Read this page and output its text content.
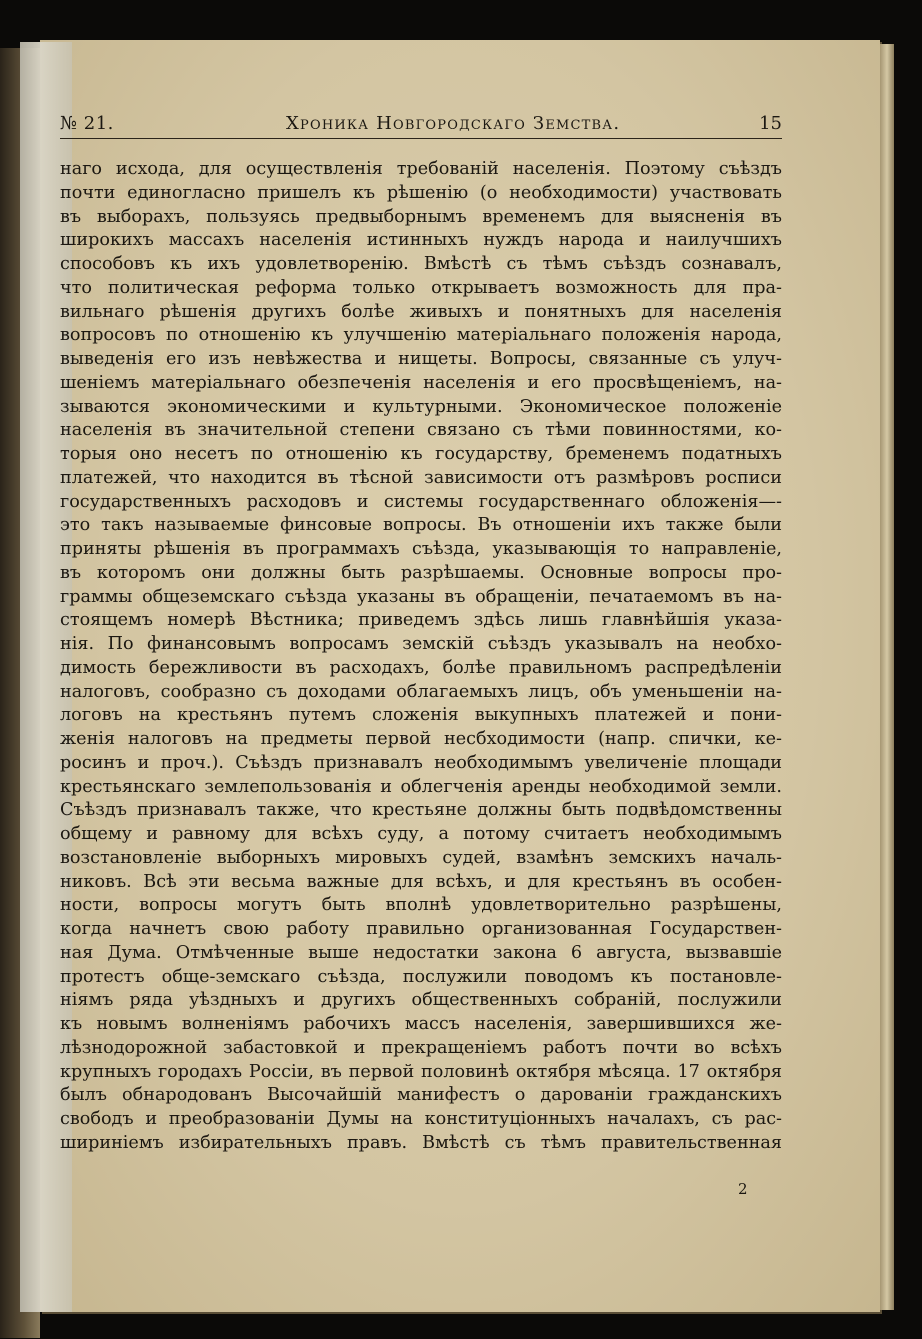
№ 21.	Хроника Новгородскаго Земства.	15
наго исхода, для осуществленія требованій населенія. Поэтому съѣздъ
почти единогласно пришелъ къ рѣшенію (о необходимости) участвовать
въ выборахъ, пользуясь предвыборнымъ временемъ для выясненія въ
широкихъ массахъ населенія истинныхъ нуждъ народа и наилучшихъ
способовъ къ ихъ удовлетворенію. Вмѣстѣ съ тѣмъ съѣздъ сознавалъ,
что политическая реформа только открываетъ возможность для пра-
вильнаго рѣшенія другихъ болѣе живыхъ и понятныхъ для населенія
вопросовъ по отношенію къ улучшенію матеріальнаго положенія народа,
выведенія его изъ невѣжества и нищеты. Вопросы, связанные съ улуч-
шеніемъ матеріальнаго обезпеченія населенія и его просвѣщеніемъ, на-
зываются экономическими и культурными. Экономическое положеніе
населенія въ значительной степени связано съ тѣми повинностями, ко-
торыя оно несетъ по отношенію къ государству, бременемъ податныхъ
платежей, что находится въ тѣсной зависимости отъ размѣровъ росписи
государственныхъ расходовъ и системы государственнаго обложенія—-
это такъ называемые финсовые вопросы. Въ отношеніи ихъ также были
приняты рѣшенія въ программахъ съѣзда, указывающія то направленіе,
въ которомъ они должны быть разрѣшаемы. Основные вопросы про-
граммы общеземскаго съѣзда указаны въ обращеніи, печатаемомъ въ на-
стоящемъ номерѣ Вѣстника; приведемъ здѣсь лишь главнѣйшія указа-
нія. По финансовымъ вопросамъ земскій съѣздъ указывалъ на необхо-
димость бережливости въ расходахъ, болѣе правильномъ распредѣленіи
налоговъ, сообразно съ доходами облагаемыхъ лицъ, объ уменьшеніи на-
логовъ на крестьянъ путемъ сложенія выкупныхъ платежей и пони-
женія налоговъ на предметы первой несбходимости (напр. спички, ке-
росинъ и проч.). Съѣздъ признавалъ необходимымъ увеличеніе площади
крестьянскаго землепользованія и облегченія аренды необходимой земли.
Съѣздъ признавалъ также, что крестьяне должны быть подвѣдомственны
общему и равному для всѣхъ суду, а потому считаетъ необходимымъ
возстановленіе выборныхъ мировыхъ судей, взамѣнъ земскихъ началь-
никовъ. Всѣ эти весьма важные для всѣхъ, и для крестьянъ въ особен-
ности, вопросы могутъ быть вполнѣ удовлетворительно разрѣшены,
когда начнетъ свою работу правильно организованная Государствен-
ная Дума. Отмѣченные выше недостатки закона 6 августа, вызвавшіе
протестъ обще-земскаго съѣзда, послужили поводомъ къ постановле-
ніямъ ряда уѣздныхъ и другихъ общественныхъ собраній, послужили
къ новымъ волненіямъ рабочихъ массъ населенія, завершившихся же-
лѣзнодорожной забастовкой и прекращеніемъ работъ почти во всѣхъ
крупныхъ городахъ Россіи, въ первой половинѣ октября мѣсяца. 17 октября
былъ обнародованъ Высочайшій манифестъ о дарованіи гражданскихъ
свободъ и преобразованіи Думы на конституціонныхъ началахъ, съ рас-
шириніемъ избирательныхъ правъ. Вмѣстѣ съ тѣмъ правительственная
2
